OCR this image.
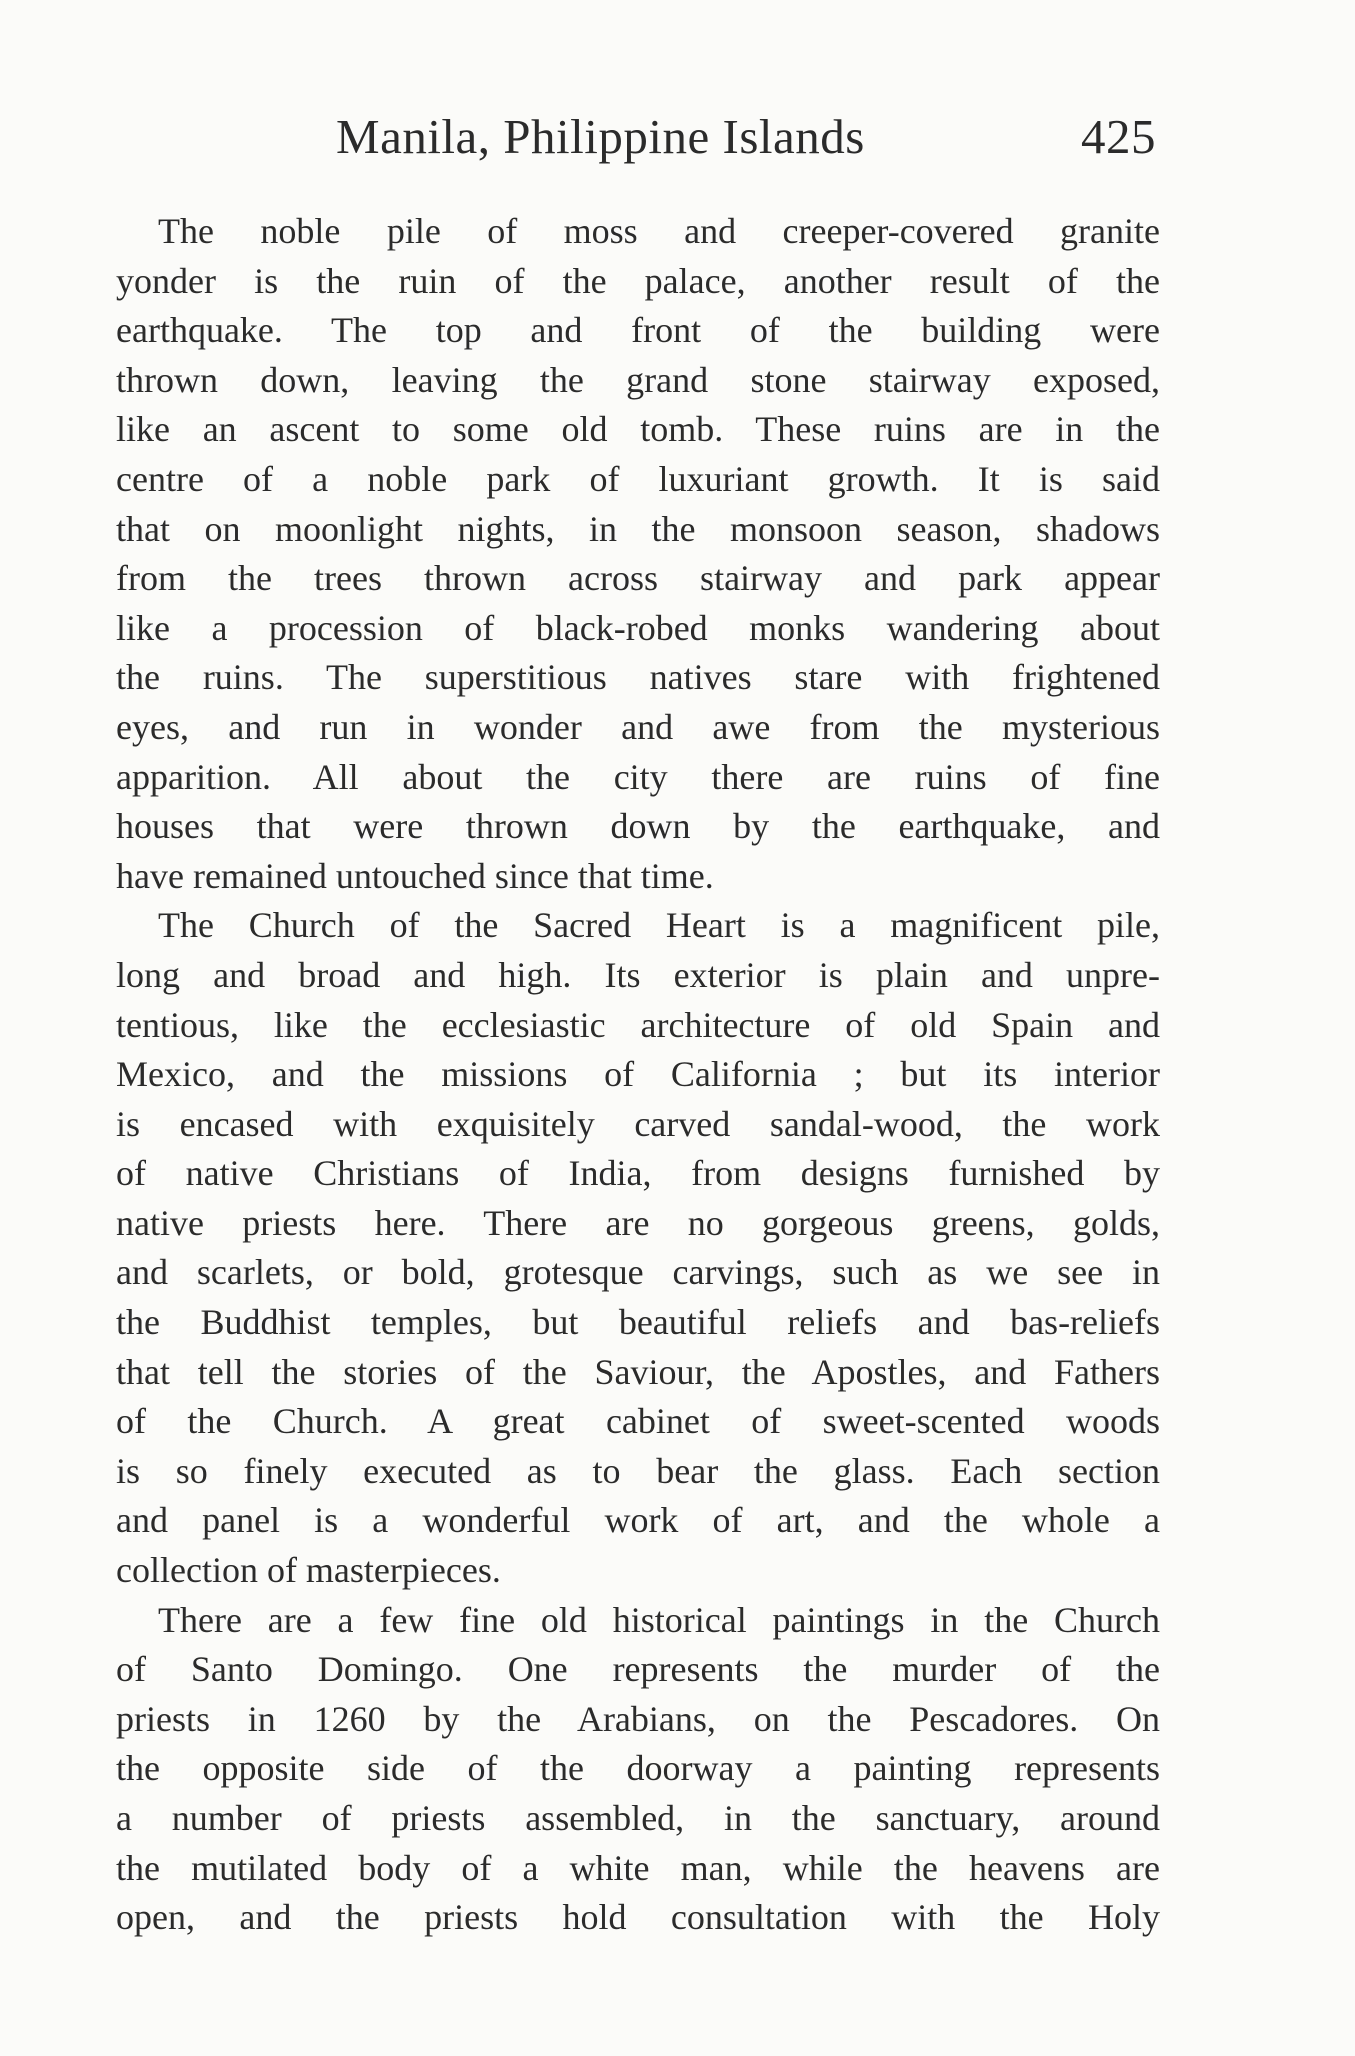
Manila, Philippine Islands	425
The noble pile of moss and creeper-covered granite
yonder is the ruin of the palace, another result of the
earthquake. The top and front of the building were
thrown down, leaving the grand stone stairway exposed,
like an ascent to some old tomb. These ruins are in the
centre of a noble park of luxuriant growth. It is said
that on moonlight nights, in the monsoon season, shadows
from the trees thrown across stairway and park appear
like a procession of black-robed monks wandering about
the ruins. The superstitious natives stare with frightened
eyes, and run in wonder and awe from the mysterious
apparition. All about the city there are ruins of fine
houses that were thrown down by the earthquake, and
have remained untouched since that time.
The Church of the Sacred Heart is a magnificent pile,
long and broad and high. Its exterior is plain and unpre-
tentious, like the ecclesiastic architecture of old Spain and
Mexico, and the missions of California ; but its interior
is encased with exquisitely carved sandal-wood, the work
of native Christians of India, from designs furnished by
native priests here. There are no gorgeous greens, golds,
and scarlets, or bold, grotesque carvings, such as we see in
the Buddhist temples, but beautiful reliefs and bas-reliefs
that tell the stories of the Saviour, the Apostles, and Fathers
of the Church. A great cabinet of sweet-scented woods
is so finely executed as to bear the glass. Each section
and panel is a wonderful work of art, and the whole a
collection of masterpieces.
There are a few fine old historical paintings in the Church
of Santo Domingo. One represents the murder of the
priests in 1260 by the Arabians, on the Pescadores. On
the opposite side of the doorway a painting represents
a number of priests assembled, in the sanctuary, around
the mutilated body of a white man, while the heavens are
open, and the priests hold consultation with the Holy
